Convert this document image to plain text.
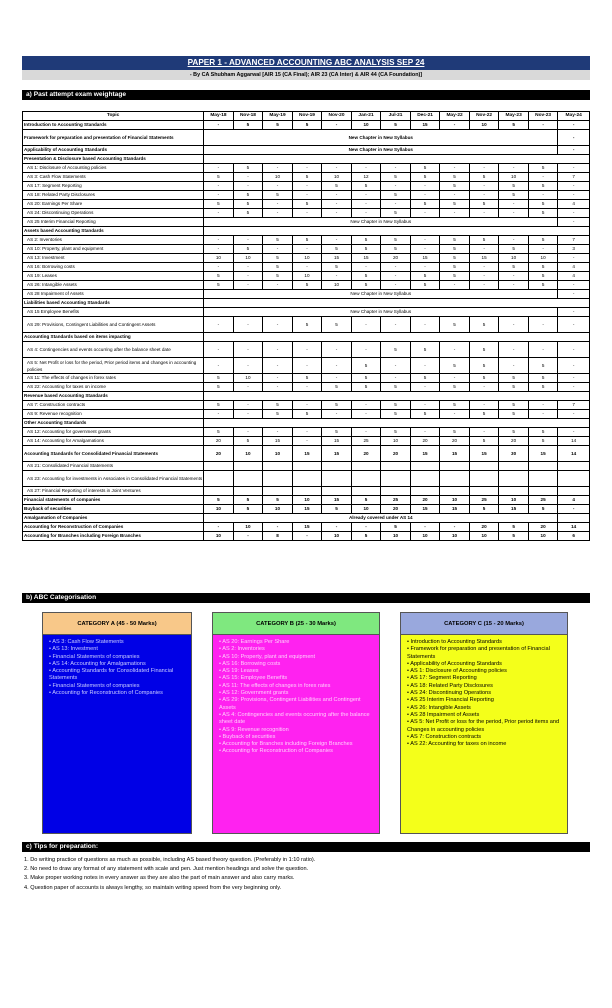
PAPER 1 - ADVANCED ACCOUNTING ABC ANALYSIS SEP 24
- By CA Shubham Aggarwal [AIR 15 (CA Final); AIR 23 (CA Inter) & AIR 44 (CA Foundation)]
a) Past attempt exam weightage
Topic	May-18	Nov-18	May-19	Nov-19	Nov-20	Jan-21	Jul-21	Dec-21	May-22	Nov-22	May-23	Nov-23	May-24
Introduction to Accounting Standards	-	5	5	5	-	10	5	15	-	10	5	-	-
Framework for preparation and presentation of Financial Statements	New Chapter in New Syllabus												-
Applicability of Accounting Standards	New Chapter in New Syllabus												-
Presentation & Disclosure based Accounting Standards													
AS 1: Disclosure of Accounting policies	-	5	-	-	-	-	-	5	-	-	-	5	-
AS 3: Cash Flow Statements	5	-	10	5	10	12	5	5	5	5	10	-	7
AS 17: Segment Reporting	-	-	-	-	5	5	-	-	5	-	5	5	-
AS 18: Related Party Disclosures	-	5	5	-	-	-	5	-	-	-	5	-	-
AS 20: Earnings Per Share	5	5	-	5	-	-	-	5	5	5	-	5	4
AS 24: Discontinuing Operations	-	5	-	-	-	-	5	-	-	-	-	5	-
AS 25 Interim Financial Reporting	New Chapter in New Syllabus												-
Assets based Accounting Standards													
AS 2: Inventories	-	-	5	5	-	5	5	-	5	5	-	5	7
AS 10: Property, plant and equipment	-	5	-	-	5	5	5	-	5	-	5	-	3
AS 13: Investment	10	10	5	10	15	15	20	15	5	15	10	10	-
AS 16: Borrowing costs	-	-	5	-	5	-	-	-	5	-	5	5	4
AS 19: Leases	5	-	5	10	-	5	-	5	5	-	-	5	4
AS 26: Intangible Assets	5	-	-	5	10	5	-	5	-	-	-	5	-
AS 28 Impairment of Assets	New Chapter in New Syllabus												-
Liabilities based Accounting Standards													
AS 15 Employee Benefits	New Chapter in New Syllabus												-
AS 29: Provisions, Contingent Liabilities and Contingent Assets	-	-	-	5	5	-	-	-	5	5	-	-	-
Accounting Standards based on items impacting													
AS 4: Contingencies and events occurring after the balance sheet date	-	-	-	-	-	-	5	5	-	5	-	-	-
AS 5: Net Profit or loss for the period, Prior period items and changes in accounting policies	-	-	-	-	-	5	-	-	5	5	-	5	-
AS 11: The effects of changes in forex rates	5	10	-	5	-	5	-	5	-	5	5	5	-
AS 22: Accounting for taxes on income	5	-	-	-	5	5	5	-	5	-	5	5	-
Revenue based Accounting Standards													
AS 7: Construction contracts	5	-	5	-	5	-	5	-	5	-	5	-	7
AS 9: Revenue recognition	-	-	5	5	-	-	5	5	-	5	5	-	-
Other Accounting Standards													
AS 12: Accounting for government grants	5	-	-	-	5	-	5	-	5	-	5	5	-
AS 14: Accounting for Amalgamations	20	5	15	-	15	25	10	20	20	5	20	5	14
Accounting Standards for Consolidated Financial Statements	20	10	10	15	15	20	20	15	15	15	30	15	14
AS 21: Consolidated Financial Statements													
AS 23: Accounting for investments in Associates in Consolidated Financial Statements													
AS 27: Financial Reporting of interests in Joint Ventures													
Financial statements of companies	5	5	5	10	15	5	25	20	10	25	10	25	4
Buyback of securities	10	5	10	15	5	10	20	15	15	5	15	5	-
Amalgamation of Companies	Already covered under AS 14												
Accounting for Reconstruction of Companies	-	10	-	15	-	-	5	-	-	20	5	20	14
Accounting for Branches including Foreign Branches	10	-	8	-	10	5	10	10	10	10	5	10	6
b) ABC Categorisation
CATEGORY A (45 - 50 Marks)
• AS 3: Cash Flow Statements
• AS 13: Investment
• Financial Statements of companies
• AS 14: Accounting for Amalgamations
• Accounting Standards for Consolidated Financial Statements
• Financial Statements of companies
• Accounting for Reconstruction of Companies
CATEGORY B (25 - 30 Marks)
• AS 20: Earnings Per Share
• AS 2: Inventories
• AS 10: Property, plant and equipment
• AS 16: Borrowing costs
• AS 19: Leases
• AS 15: Employee Benefits
• AS 11: The effects of changes in forex rates
• AS 12: Government grants
• AS 29: Provisions, Contingent Liabilities and Contingent Assets
• AS 4: Contingencies and events occurring after the balance sheet date
• AS 9: Revenue recognition
• Buyback of securities
• Accounting for Branches including Foreign Branches
• Accounting for Reconstruction of Companies
CATEGORY C (15 - 20 Marks)
• Introduction to Accounting Standards
• Framework for preparation and presentation of Financial Statements
• Applicability of Accounting Standards
• AS 1: Disclosure of Accounting policies
• AS 17: Segment Reporting
• AS 18: Related Party Disclosures
• AS 24: Discontinuing Operations
• AS 25 Interim Financial Reporting
• AS 26: Intangible Assets
• AS 28 Impairment of Assets
• AS 5: Net Profit or loss for the period, Prior period items and Changes in accounting policies
• AS 7: Construction contracts
• AS 22: Accounting for taxes on income
c) Tips for preparation:

1. Do writing practice of questions as much as possible, including AS based theory question. (Preferably in 1:10 ratio).

2. No need to draw any format of any statement with scale and pen. Just mention headings and solve the question.

3. Make proper working notes in every answer as they are also the part of main answer and also carry marks.

4. Question paper of accounts is always lengthy, so maintain writing speed from the very beginning only.
